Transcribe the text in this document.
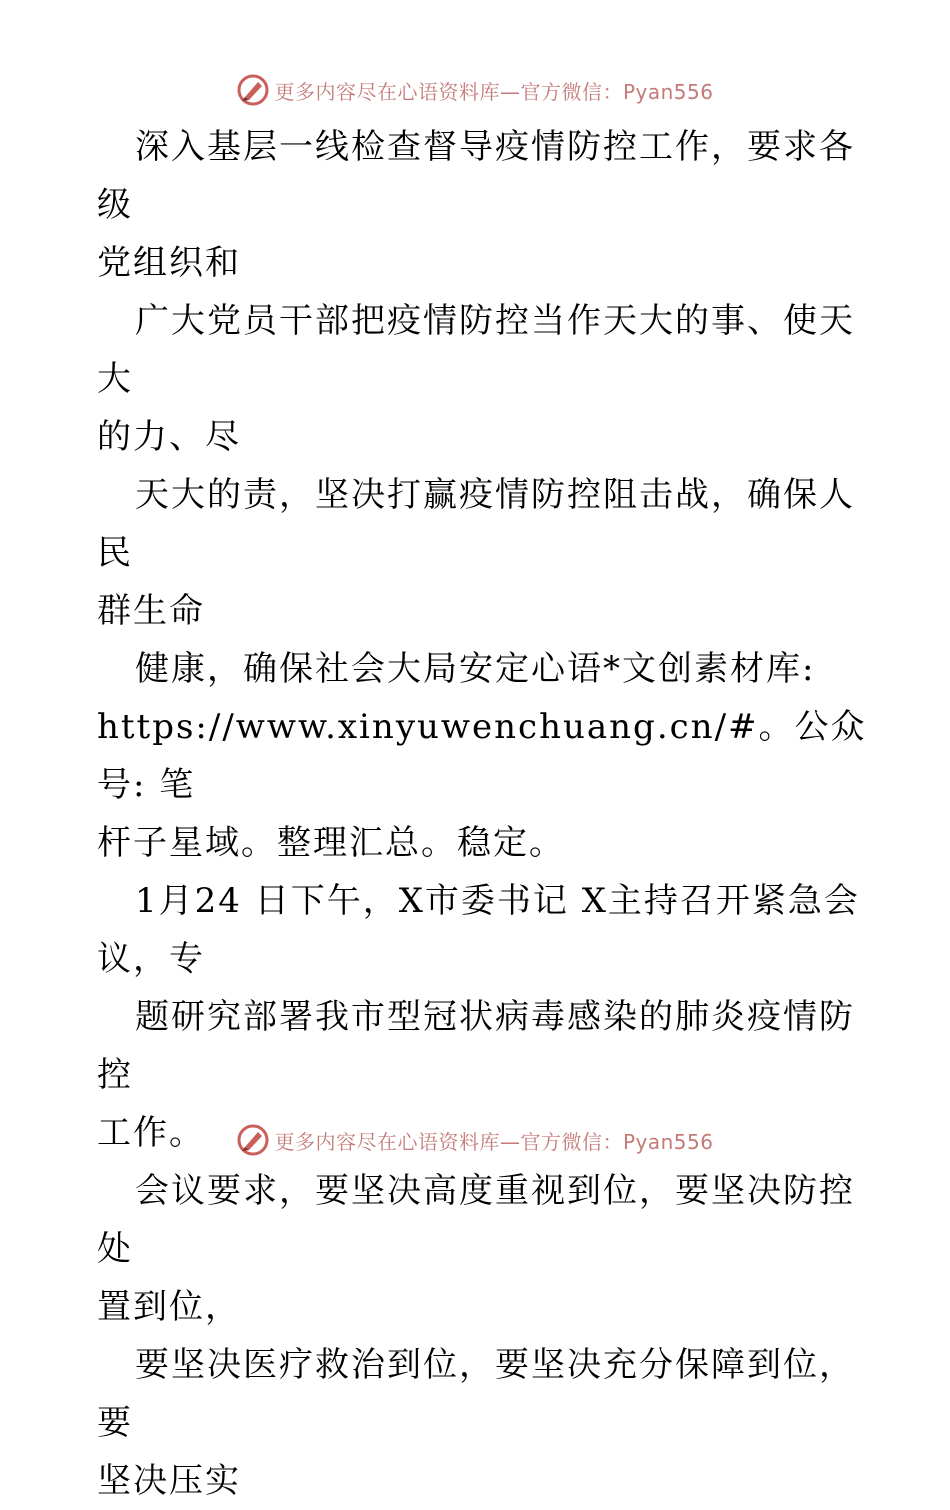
更多内容尽在心语资料库—官方微信：Pyan556
深入基层一线检查督导疫情防控工作，要求各级
党组织和
广大党员干部把疫情防控当作天大的事、使天大
的力、尽
天大的责，坚决打赢疫情防控阻击战，确保人民
群生命
健康，确保社会大局安定心语*文创素材库:
https://www.xinyuwenchuang.cn/#。公众号: 笔
杆子星域。整理汇总。稳定。
1月24 日下午，X市委书记 X主持召开紧急会
议，专
题研究部署我市型冠状病毒感染的肺炎疫情防控
工作。
会议要求，要坚决高度重视到位，要坚决防控处
置到位，
要坚决医疗救治到位，要坚决充分保障到位，要
坚决压实
更多内容尽在心语资料库—官方微信：Pyan556
